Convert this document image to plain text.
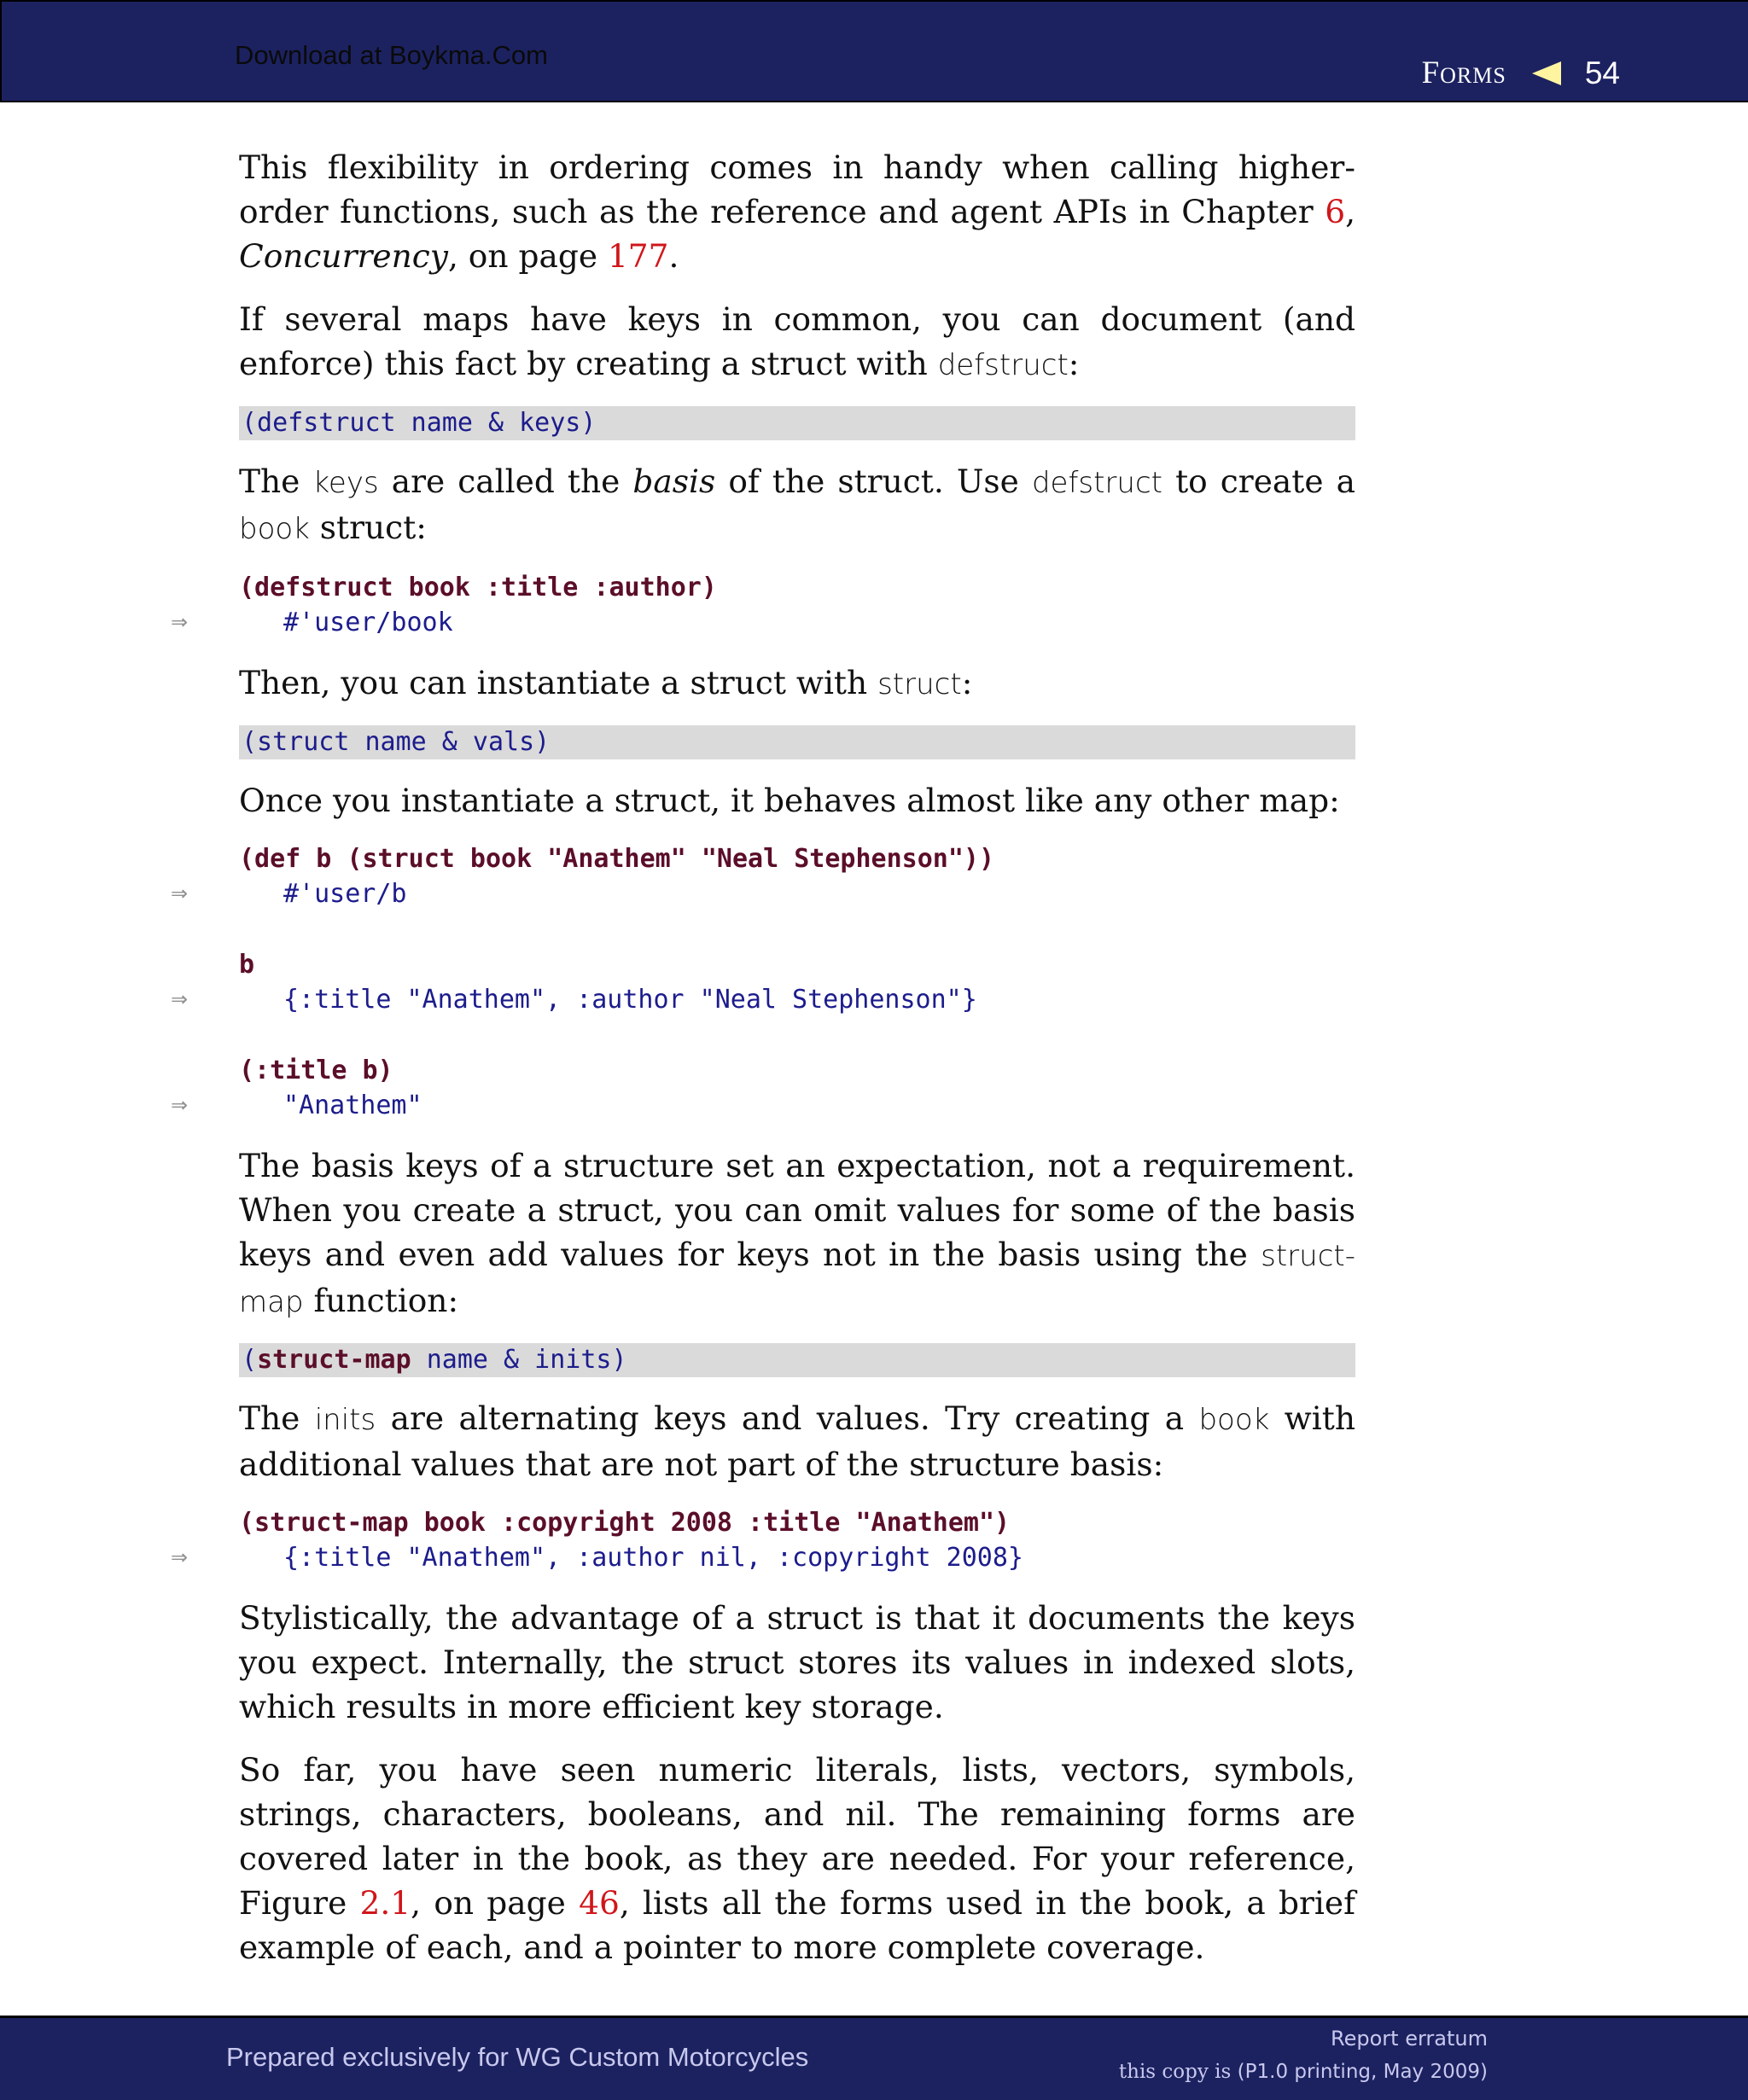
Download at Boykma.Com
Forms 54

This flexibility in ordering comes in handy when calling higher-order functions, such as the reference and agent APIs in Chapter 6, Concurrency, on page 177.

If several maps have keys in common, you can document (and enforce) this fact by creating a struct with defstruct:

(defstruct name & keys)

The keys are called the basis of the struct. Use defstruct to create a book struct:

(defstruct book :title :author)
⇒	#'user/book

Then, you can instantiate a struct with struct:

(struct name & vals)

Once you instantiate a struct, it behaves almost like any other map:

(def b (struct book "Anathem" "Neal Stephenson"))
⇒	#'user/b
b
⇒	{:title "Anathem", :author "Neal Stephenson"}
(:title b)
⇒	"Anathem"

The basis keys of a structure set an expectation, not a requirement. When you create a struct, you can omit values for some of the basis keys and even add values for keys not in the basis using the struct-map function:

(struct-map name & inits)

The inits are alternating keys and values. Try creating a book with additional values that are not part of the structure basis:

(struct-map book :copyright 2008 :title "Anathem")
⇒	{:title "Anathem", :author nil, :copyright 2008}

Stylistically, the advantage of a struct is that it documents the keys you expect. Internally, the struct stores its values in indexed slots, which results in more efficient key storage.

So far, you have seen numeric literals, lists, vectors, symbols, strings, characters, booleans, and nil. The remaining forms are covered later in the book, as they are needed. For your reference, Figure 2.1, on page 46, lists all the forms used in the book, a brief example of each, and a pointer to more complete coverage.

Prepared exclusively for WG Custom Motorcycles
Report erratum
this copy is (P1.0 printing, May 2009)
